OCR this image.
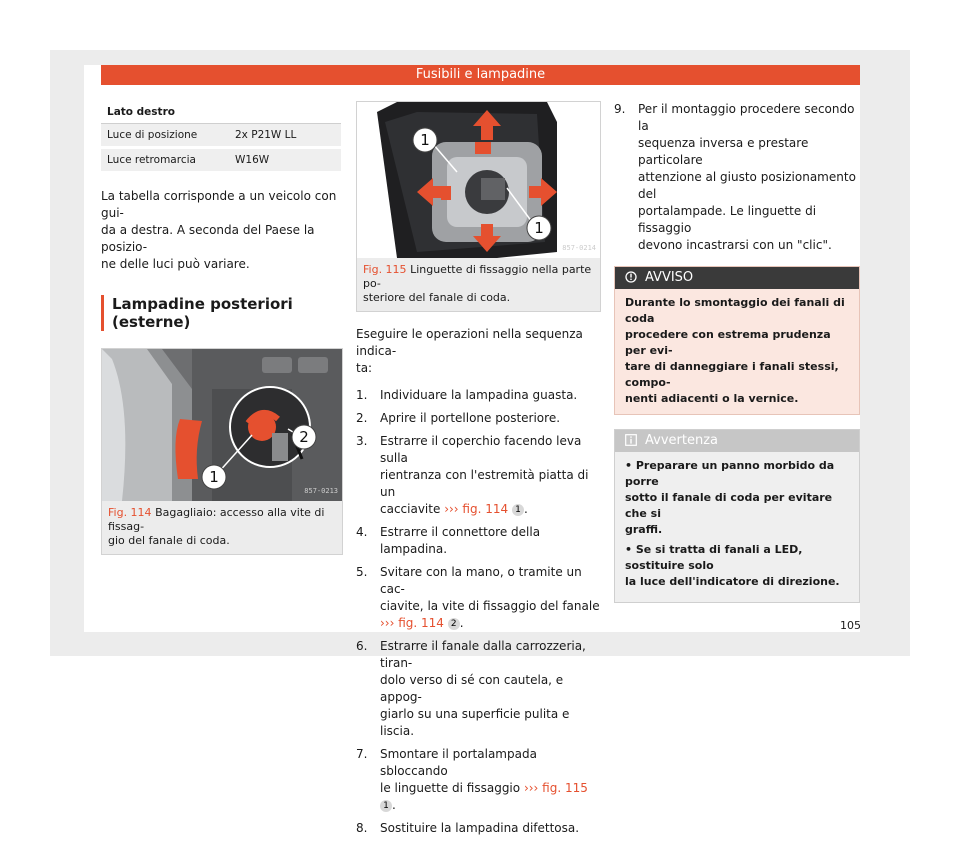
Fusibili e lampadine
Lato destro	
Luce di posizione	2x P21W LL
Luce retromarcia	W16W
La tabella corrisponde a un veicolo con gui-
da a destra. A seconda del Paese la posizio-
ne delle luci può variare.
Lampadine posteriori (esterne)
1
2
857-0213
Fig. 114 Bagagliaio: accesso alla vite di fissag-
gio del fanale di coda.
1
1
857-0214
Fig. 115 Linguette di fissaggio nella parte po-
steriore del fanale di coda.
Eseguire le operazioni nella sequenza indica-
ta:
1. Individuare la lampadina guasta.
2. Aprire il portellone posteriore.
3. Estrarre il coperchio facendo leva sulla
rientranza con l'estremità piatta di un
cacciavite ››› fig. 114 1 .
4. Estrarre il connettore della lampadina.
5. Svitare con la mano, o tramite un cac-
ciavite, la vite di fissaggio del fanale ››› fig. 114 2 .
6. Estrarre il fanale dalla carrozzeria, tiran-
dolo verso di sé con cautela, e appog-
giarlo su una superficie pulita e liscia.
7. Smontare il portalampada sbloccando
le linguette di fissaggio ››› fig. 115 1 .
8. Sostituire la lampadina difettosa.
9. Per il montaggio procedere secondo la
sequenza inversa e prestare particolare
attenzione al giusto posizionamento del
portalampade. Le linguette di fissaggio
devono incastrarsi con un "clic".
AVVISO
Durante lo smontaggio dei fanali di coda
procedere con estrema prudenza per evi-
tare di danneggiare i fanali stessi, compo-
nenti adiacenti o la vernice.
Avvertenza

• Preparare un panno morbido da porre
sotto il fanale di coda per evitare che si
graffi.

• Se si tratta di fanali a LED, sostituire solo
la luce dell'indicatore di direzione.

105
